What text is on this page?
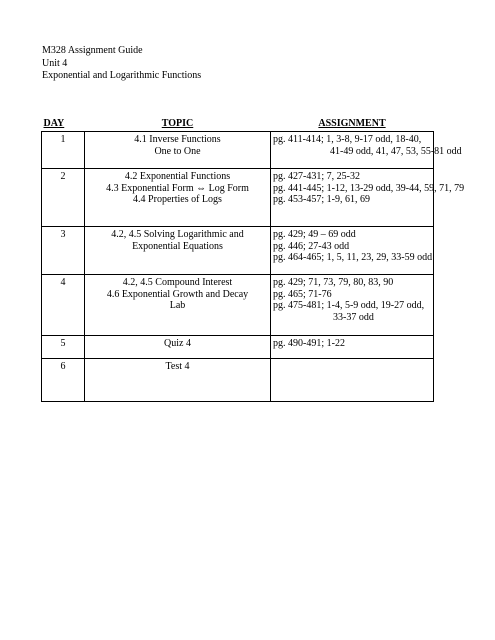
M328 Assignment Guide
Unit 4
Exponential and Logarithmic Functions
DAY	TOPIC	ASSIGNMENT
1	4.1 Inverse Functions
One to One	pg. 411-414; 1, 3-8, 9-17 odd, 18-40,
41-49 odd, 41, 47, 53, 55-81 odd

2	4.2 Exponential Functions
4.3 Exponential Form ⇔ Log Form
4.4 Properties of Logs	pg. 427-431; 7, 25-32
pg. 441-445; 1-12, 13-29 odd, 39-44, 59, 71, 79
pg. 453-457; 1-9, 61, 69

3	4.2, 4.5 Solving Logarithmic and
Exponential Equations	pg. 429; 49 – 69 odd
pg. 446; 27-43 odd
pg. 464-465; 1, 5, 11, 23, 29, 33-59 odd

4	4.2, 4.5 Compound Interest
4.6 Exponential Growth and Decay
Lab	pg. 429; 71, 73, 79, 80, 83, 90
pg. 465; 71-76
pg. 475-481; 1-4, 5-9 odd, 19-27 odd,
33-37 odd

5	Quiz 4	pg. 490-491; 1-22

6	Test 4	
